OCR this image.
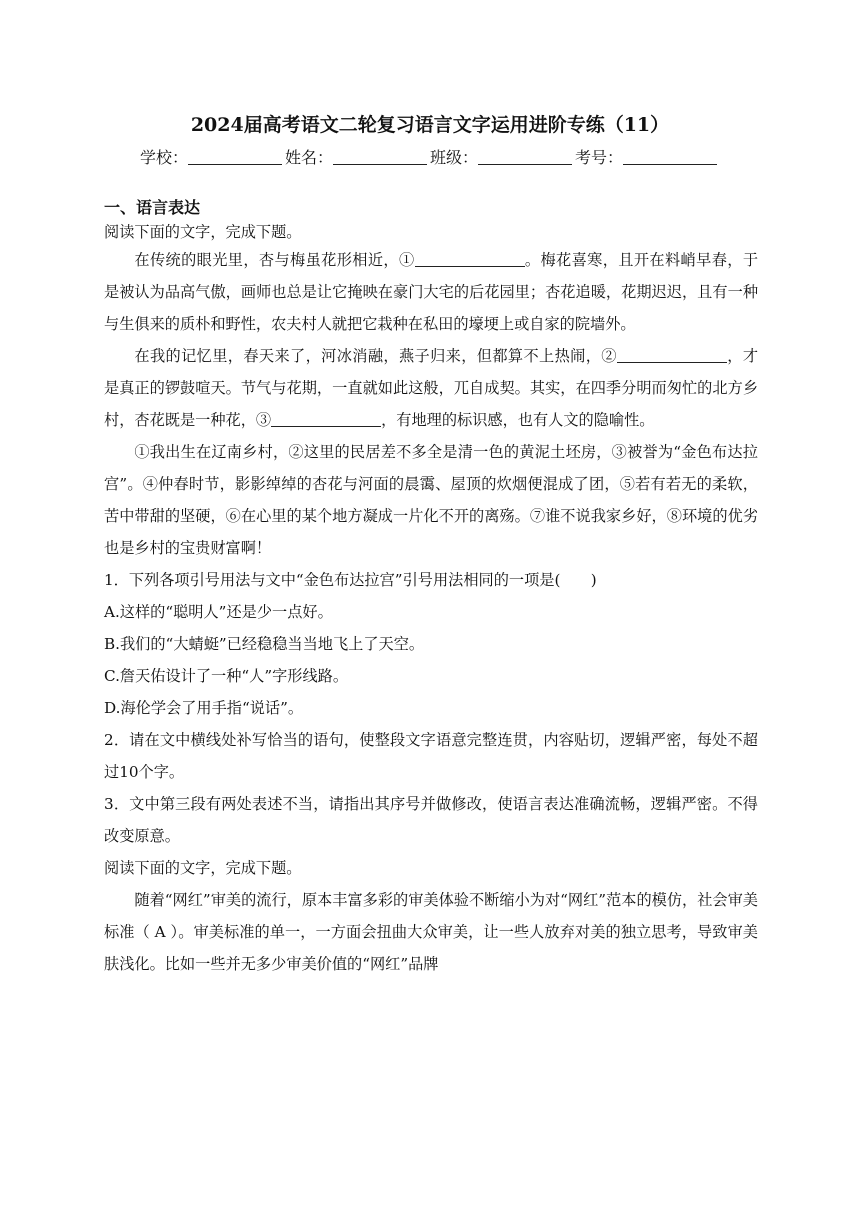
2024届高考语文二轮复习语言文字运用进阶专练（11）
学校：	姓名：	班级：	考号：
一、语言表达

阅读下面的文字，完成下题。

在传统的眼光里，杏与梅虽花形相近，①	。梅花喜寒，且开在料峭早春，于是被认为品高气傲，画师也总是让它掩映在豪门大宅的后花园里；杏花追暖，花期迟迟，且有一种与生俱来的质朴和野性，农夫村人就把它栽种在私田的壕埂上或自家的院墙外。

在我的记忆里，春天来了，河冰消融，燕子归来，但都算不上热闹，②	，才是真正的锣鼓喧天。节气与花期，一直就如此这般，兀自成契。其实，在四季分明而匆忙的北方乡村，杏花既是一种花，③	，有地理的标识感，也有人文的隐喻性。

①我出生在辽南乡村，②这里的民居差不多全是清一色的黄泥土坯房，③被誉为“金色布达拉宫”。④仲春时节，影影绰绰的杏花与河面的晨霭、屋顶的炊烟便混成了团，⑤若有若无的柔软，苦中带甜的坚硬，⑥在心里的某个地方凝成一片化不开的离殇。⑦谁不说我家乡好，⑧环境的优劣也是乡村的宝贵财富啊！

1．下列各项引号用法与文中“金色布达拉宫”引号用法相同的一项是(　　)

A.这样的“聪明人”还是少一点好。

B.我们的“大蜻蜓”已经稳稳当当地飞上了天空。

C.詹天佑设计了一种“人”字形线路。

D.海伦学会了用手指“说话”。

2．请在文中横线处补写恰当的语句，使整段文字语意完整连贯，内容贴切，逻辑严密，每处不超过10个字。

3．文中第三段有两处表述不当，请指出其序号并做修改，使语言表达准确流畅，逻辑严密。不得改变原意。

阅读下面的文字，完成下题。

随着“网红”审美的流行，原本丰富多彩的审美体验不断缩小为对“网红”范本的模仿，社会审美标准（ A ）。审美标准的单一，一方面会扭曲大众审美，让一些人放弃对美的独立思考，导致审美肤浅化。比如一些并无多少审美价值的“网红”品牌
